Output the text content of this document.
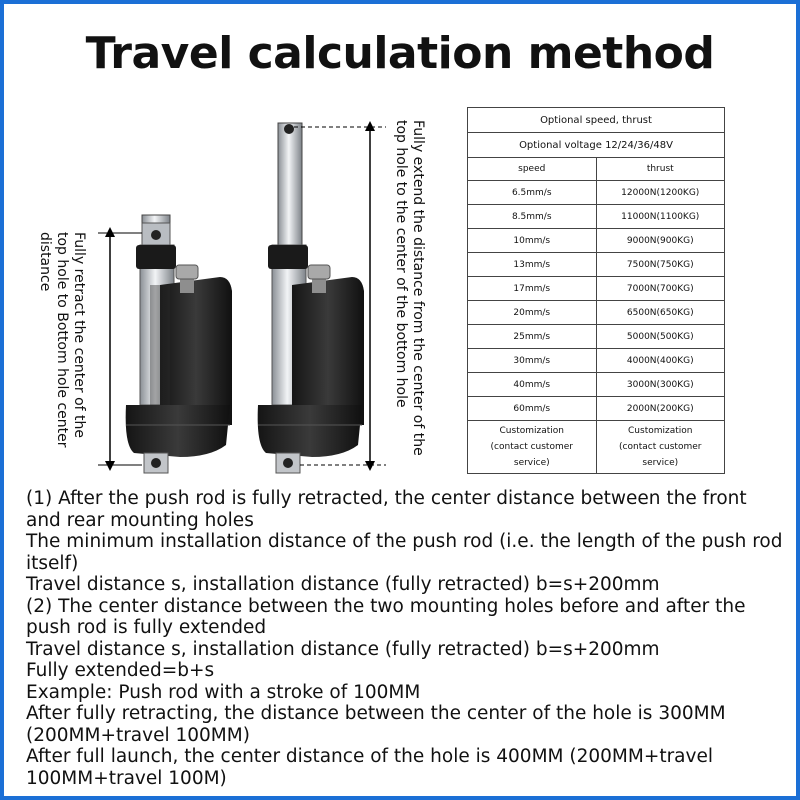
Travel calculation method
Fully retract the center of the top hole to Bottom hole center distance	Fully extend the distance from the center of the top hole to the center of the bottom hole	Optional speed, thrust	
Optional voltage 12/24/36/48V	
speed	thrust
6.5mm/s	12000N(1200KG)
8.5mm/s	11000N(1100KG)
10mm/s	9000N(900KG)
13mm/s	7500N(750KG)
17mm/s	7000N(700KG)
20mm/s	6500N(650KG)
25mm/s	5000N(500KG)
30mm/s	4000N(400KG)
40mm/s	3000N(300KG)
60mm/s	2000N(200KG)
Customization (contact customer service)	Customization (contact customer service)
(1) After the push rod is fully retracted, the center distance between the front and rear mounting holes
The minimum installation distance of the push rod (i.e. the length of the push rod itself)
Travel distance s, installation distance (fully retracted) b=s+200mm
(2) The center distance between the two mounting holes before and after the push rod is fully extended
Travel distance s, installation distance (fully retracted) b=s+200mm
Fully extended=b+s
Example: Push rod with a stroke of 100MM
After fully retracting, the distance between the center of the hole is 300MM (200MM+travel 100MM)
After full launch, the center distance of the hole is 400MM (200MM+travel 100MM+travel 100M)
